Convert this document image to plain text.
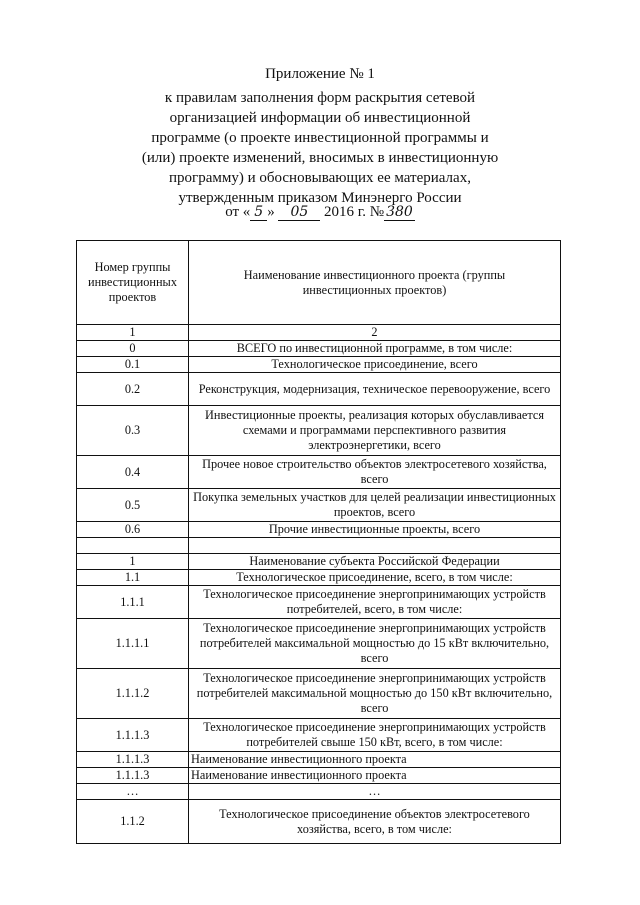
Приложение № 1
к правилам заполнения форм раскрытия сетевой
организацией информации об инвестиционной
программе (о проекте инвестиционной программы и
(или) проекте изменений, вносимых в инвестиционную
программу) и обосновывающих ее материалах,
утвержденным приказом Минэнерго России
от « 5 » 05 2016 г. № 380
Номер группы инвестиционных проектов	Наименование инвестиционного проекта (группы инвестиционных проектов)
1	2
0	ВСЕГО по инвестиционной программе, в том числе:
0.1	Технологическое присоединение, всего
0.2	Реконструкция, модернизация, техническое перевооружение, всего
0.3	Инвестиционные проекты, реализация которых обуславливается схемами и программами перспективного развития электроэнергетики, всего
0.4	Прочее новое строительство объектов электросетевого хозяйства, всего
0.5	Покупка земельных участков для целей реализации инвестиционных проектов, всего
0.6	Прочие инвестиционные проекты, всего

1	Наименование субъекта Российской Федерации
1.1	Технологическое присоединение, всего, в том числе:
1.1.1	Технологическое присоединение энергопринимающих устройств потребителей, всего, в том числе:
1.1.1.1	Технологическое присоединение энергопринимающих устройств потребителей максимальной мощностью до 15 кВт включительно, всего
1.1.1.2	Технологическое присоединение энергопринимающих устройств потребителей максимальной мощностью до 150 кВт включительно, всего
1.1.1.3	Технологическое присоединение энергопринимающих устройств потребителей свыше 150 кВт, всего, в том числе:
1.1.1.3	Наименование инвестиционного проекта
1.1.1.3	Наименование инвестиционного проекта
…	…
1.1.2	Технологическое присоединение объектов электросетевого хозяйства, всего, в том числе:
